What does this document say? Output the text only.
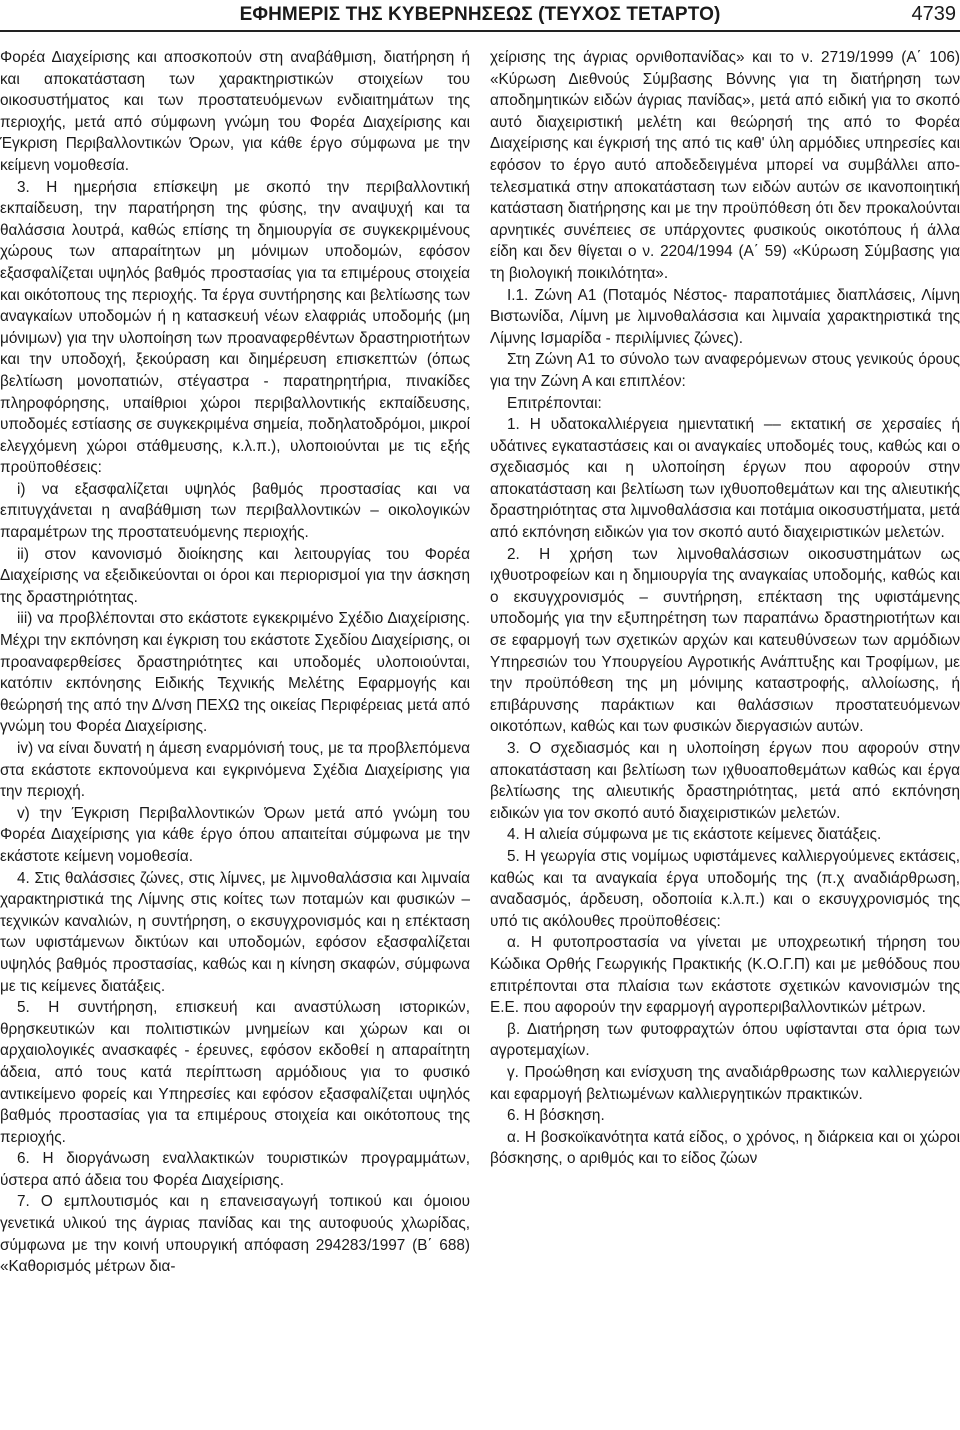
ΕΦΗΜΕΡΙΣ ΤΗΣ ΚΥΒΕΡΝΗΣΕΩΣ (ΤΕΥΧΟΣ ΤΕΤΑΡΤΟ)	4739

Φορέα Διαχείρισης και αποσκοπούν στη αναβάθμιση, διατήρηση ή και αποκατάσταση των χαρακτηριστικών στοιχείων του οικοσυστήματος και των προστατευόμενων ενδιαιτημάτων της περιοχής, μετά από σύμφωνη γνώμη του Φορέα Διαχείρισης και Έγκριση Περιβαλλοντικών Όρων, για κάθε έργο σύμφωνα με την κείμενη νομοθεσία.

3. Η ημερήσια επίσκεψη με σκοπό την περιβαλλοντική εκπαίδευση, την παρατήρηση της φύσης, την αναψυχή και τα θαλάσσια λουτρά, καθώς επίσης τη δημιουργία σε συγκεκριμένους χώρους των απαραίτητων μη μόνιμων υποδομών, εφόσον εξασφαλίζεται υψηλός βαθμός προστασίας για τα επιμέρους στοιχεία και οικότοπους της περιοχής. Τα έργα συντήρησης και βελτίωσης των αναγκαίων υποδομών ή η κατασκευή νέων ελαφριάς υποδομής (μη μόνιμων) για την υλοποίηση των προαναφερθέντων δραστηριοτήτων και την υποδοχή, ξεκούραση και διημέρευση επισκεπτών (όπως βελτίωση μονοπατιών, στέγαστρα - παρατηρητήρια, πινακίδες πληροφόρησης, υπαίθριοι χώροι περιβαλλοντικής εκπαίδευσης, υποδομές εστίασης σε συγκεκριμένα σημεία, ποδηλατοδρόμοι, μικροί ελεγχόμενη χώροι στάθμευσης, κ.λ.π.), υλοποιούνται με τις εξής προϋποθέσεις:

i) να εξασφαλίζεται υψηλός βαθμός προστασίας και να επιτυγχάνεται η αναβάθμιση των περιβαλλοντικών – οικολογικών παραμέτρων της προστατευόμενης περιοχής.

ii) στον κανονισμό διοίκησης και λειτουργίας του Φορέα Διαχείρισης να εξειδικεύονται οι όροι και περιορισμοί για την άσκηση της δραστηριότητας.

iii) να προβλέπονται στο εκάστοτε εγκεκριμένο Σχέδιο Διαχείρισης. Μέχρι την εκπόνηση και έγκριση του εκάστοτε Σχεδίου Διαχείρισης, οι προαναφερθείσες δραστηριότητες και υποδομές υλοποιούνται, κατόπιν εκπόνησης Ειδικής Τεχνικής Μελέτης Εφαρμογής και θεώρησή της από την Δ/νση ΠΕΧΩ της οικείας Περιφέρειας μετά από γνώμη του Φορέα Διαχείρισης.

iv) να είναι δυνατή η άμεση εναρμόνισή τους, με τα προβλεπόμενα στα εκάστοτε εκπονούμενα και εγκρινόμενα Σχέδια Διαχείρισης για την περιοχή.

v) την Έγκριση Περιβαλλοντικών Όρων μετά από γνώμη του Φορέα Διαχείρισης για κάθε έργο όπου απαιτείται σύμφωνα με την εκάστοτε κείμενη νομοθεσία.

4. Στις θαλάσσιες ζώνες, στις λίμνες, με λιμνοθαλάσσια και λιμναία χαρακτηριστικά της Λίμνης στις κοίτες των ποταμών και φυσικών – τεχνικών καναλιών, η συντήρηση, ο εκσυγχρονισμός και η επέκταση των υφιστάμενων δικτύων και υποδομών, εφόσον εξασφαλίζεται υψηλός βαθμός προστασίας, καθώς και η κίνηση σκαφών, σύμφωνα με τις κείμενες διατάξεις.

5. Η συντήρηση, επισκευή και αναστύλωση ιστορικών, θρησκευτικών και πολιτιστικών μνημείων και χώρων και οι αρχαιολογικές ανασκαφές - έρευνες, εφόσον εκδοθεί η απαραίτητη άδεια, από τους κατά περίπτωση αρμόδιους για το φυσικό αντικείμενο φορείς και Υπηρεσίες και εφόσον εξασφαλίζεται υψηλός βαθμός προστασίας για τα επιμέρους στοιχεία και οικότοπους της περιοχής.

6. Η διοργάνωση εναλλακτικών τουριστικών προγραμμάτων, ύστερα από άδεια του Φορέα Διαχείρισης.

7. Ο εμπλουτισμός και η επανεισαγωγή τοπικού και όμοιου γενετικά υλικού της άγριας πανίδας και της αυτοφυούς χλωρίδας, σύμφωνα με την κοινή υπουργική απόφαση 294283/1997 (Β΄ 688) «Καθορισμός μέτρων δια-

χείρισης της άγριας ορνιθοπανίδας» και το ν. 2719/1999 (Α΄ 106) «Κύρωση Διεθνούς Σύμβασης Βόννης για τη διατήρηση των αποδημητικών ειδών άγριας πανίδας», μετά από ειδική για το σκοπό αυτό διαχειριστική μελέτη και θεώρησή της από το Φορέα Διαχείρισης και έγκρισή της από τις καθ' ύλη αρμόδιες υπηρεσίες και εφόσον το έργο αυτό αποδεδειγμένα μπορεί να συμβάλλει αποτελεσματικά στην αποκατάσταση των ειδών αυτών σε ικανοποιητική κατάσταση διατήρησης και με την προϋπόθεση ότι δεν προκαλούνται αρνητικές συνέπειες σε υπάρχοντες φυσικούς οικοτόπους ή άλλα είδη και δεν θίγεται ο ν. 2204/1994 (Α΄ 59) «Κύρωση Σύμβασης για τη βιολογική ποικιλότητα».

Ι.1. Ζώνη Α1 (Ποταμός Νέστος- παραποτάμιες διαπλάσεις, Λίμνη Βιστωνίδα, Λίμνη με λιμνοθαλάσσια και λιμναία χαρακτηριστικά της Λίμνης Ισμαρίδα - περιλίμνιες ζώνες).

Στη Ζώνη Α1 το σύνολο των αναφερόμενων στους γενικούς όρους για την Ζώνη Α και επιπλέον:

Επιτρέπονται:

1. Η υδατοκαλλιέργεια ημιεντατική –– εκτατική σε χερσαίες ή υδάτινες εγκαταστάσεις και οι αναγκαίες υποδομές τους, καθώς και ο σχεδιασμός και η υλοποίηση έργων που αφορούν στην αποκατάσταση και βελτίωση των ιχθυοποθεμάτων και της αλιευτικής δραστηριότητας στα λιμνοθαλάσσια και ποτάμια οικοσυστήματα, μετά από εκπόνηση ειδικών για τον σκοπό αυτό διαχειριστικών μελετών.

2. Η χρήση των λιμνοθαλάσσιων οικοσυστημάτων ως ιχθυοτροφείων και η δημιουργία της αναγκαίας υποδομής, καθώς και ο εκσυγχρονισμός – συντήρηση, επέκταση της υφιστάμενης υποδομής για την εξυπηρέτηση των παραπάνω δραστηριοτήτων και σε εφαρμογή των σχετικών αρχών και κατευθύνσεων των αρμόδιων Υπηρεσιών του Υπουργείου Αγροτικής Ανάπτυξης και Τροφίμων, με την προϋπόθεση της μη μόνιμης καταστροφής, αλλοίωσης, ή επιβάρυνσης παράκτιων και θαλάσσιων προστατευόμενων οικοτόπων, καθώς και των φυσικών διεργασιών αυτών.

3. Ο σχεδιασμός και η υλοποίηση έργων που αφορούν στην αποκατάσταση και βελτίωση των ιχθυοαποθεμάτων καθώς και έργα βελτίωσης της αλιευτικής δραστηριότητας, μετά από εκπόνηση ειδικών για τον σκοπό αυτό διαχειριστικών μελετών.

4. Η αλιεία σύμφωνα με τις εκάστοτε κείμενες διατάξεις.

5. Η γεωργία στις νομίμως υφιστάμενες καλλιεργούμενες εκτάσεις, καθώς και τα αναγκαία έργα υποδομής της (π.χ αναδιάρθρωση, αναδασμός, άρδευση, οδοποιία κ.λ.π.) και ο εκσυγχρονισμός της υπό τις ακόλουθες προϋποθέσεις:

α. Η φυτοπροστασία να γίνεται με υποχρεωτική τήρηση του Κώδικα Ορθής Γεωργικής Πρακτικής (Κ.Ο.Γ.Π) και με μεθόδους που επιτρέπονται στα πλαίσια των εκάστοτε σχετικών κανονισμών της Ε.Ε. που αφορούν την εφαρμογή αγροπεριβαλλοντικών μέτρων.

β. Διατήρηση των φυτοφραχτών όπου υφίστανται στα όρια των αγροτεμαχίων.

γ. Προώθηση και ενίσχυση της αναδιάρθρωσης των καλλιεργειών και εφαρμογή βελτιωμένων καλλιεργητικών πρακτικών.

6. Η βόσκηση.

α. Η βοσκοϊκανότητα κατά είδος, ο χρόνος, η διάρκεια και οι χώροι βόσκησης, ο αριθμός και το είδος ζώων
